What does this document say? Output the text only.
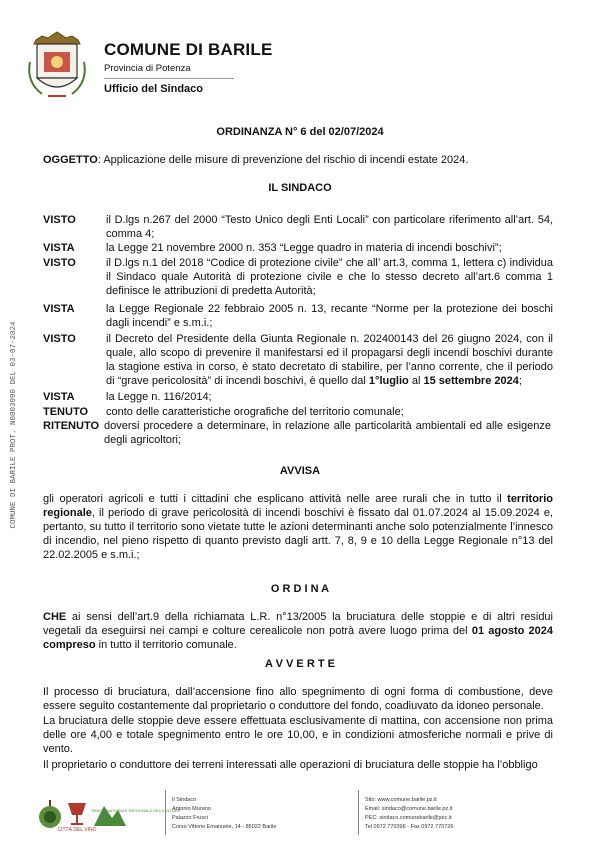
COMUNE DI BARILE
Provincia di Potenza
Ufficio del Sindaco
COMUNE DI BARILE PROT. N0003990 DEL 03-07-2024
ORDINANZA N° 6 del 02/07/2024
OGGETTO: Applicazione delle misure di prevenzione del rischio di incendi estate 2024.
IL SINDACO
VISTO	il D.lgs n.267 del 2000 “Testo Unico degli Enti Locali” con particolare riferimento all’art. 54, comma 4;
VISTA	la Legge 21 novembre 2000 n. 353 “Legge quadro in materia di incendi boschivi”;
VISTO	il D.lgs n.1 del 2018 “Codice di protezione civile” che all’ art.3, comma 1, lettera c) individua il Sindaco quale Autorità di protezione civile e che lo stesso decreto all’art.6 comma 1 definisce le attribuzioni di predetta Autorità;
VISTA	la Legge Regionale 22 febbraio 2005 n. 13, recante “Norme per la protezione dei boschi dagli incendi” e s.m.i.;
VISTO	il Decreto del Presidente della Giunta Regionale n. 202400143 del 26 giugno 2024, con il quale, allo scopo di prevenire il manifestarsi ed il propagarsi degli incendi boschivi durante la stagione estiva in corso, è stato decretato di stabilire, per l’anno corrente, che il periodo di “grave pericolosità” di incendi boschivi, è quello dal 1°luglio al 15 settembre 2024;
VISTA	la Legge n. 116/2014;
TENUTO conto delle caratteristiche orografiche del territorio comunale;
RITENUTO doversi procedere a determinare, in relazione alle particolarità ambientali ed alle esigenze degli agricoltori;
AVVISA
gli operatori agricoli e tutti i cittadini che esplicano attività nelle aree rurali che in tutto il territorio regionale, il periodo di grave pericolosità di incendi boschivi è fissato dal 01.07.2024 al 15.09.2024 e, pertanto, su tutto il territorio sono vietate tutte le azioni determinanti anche solo potenzialmente l’innesco di incendio, nel pieno rispetto di quanto previsto dagli artt. 7, 8, 9 e 10 della Legge Regionale n°13 del 22.02.2005 e s.m.i.;
O R D I N A
CHE ai sensi dell’art.9 della richiamata L.R. n°13/2005 la bruciatura delle stoppie e di altri residui vegetali da eseguirsi nei campi e colture cerealicole non potrà avere luogo prima del 01 agosto 2024 compreso in tutto il territorio comunale.
A V V E R T E
Il processo di bruciatura, dall’accensione fino allo spegnimento di ogni forma di combustione, deve essere seguito costantemente dal proprietario o conduttore del fondo, coadiuvato da idoneo personale.
La bruciatura delle stoppie deve essere effettuata esclusivamente di mattina, con accensione non prima delle ore 4,00 e totale spegnimento entro le ore 10,00, e in condizioni atmosferiche normali e prive di vento.
Il proprietario o conduttore dei terreni interessati alle operazioni di bruciatura delle stoppie ha l’obbligo
CITTÀ DEL VINO
PARCO NATURALE REGIONALE DEL VULTURE
Il Sindaco
Antonio Murano
Palazzo Frusci
Corso Vittorio Emanuele, 14 - 85022 Barile
Sito: www.comune.barile.pz.it
Email: sindaco@comune.barile.pz.it
PEC: sindaco.comunebarile@pec.it
Tel 0972 770396 - Fax 0972 770726
